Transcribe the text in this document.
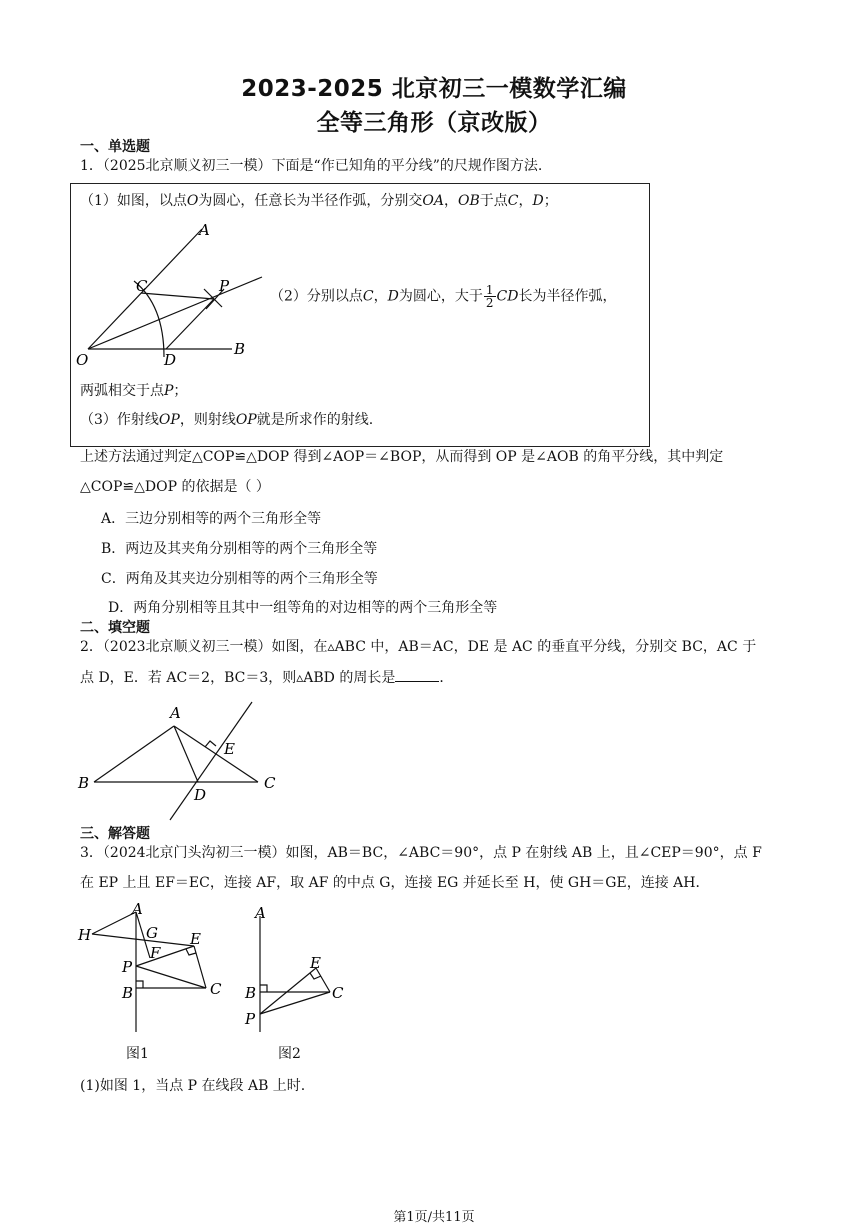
2023-2025 北京初三一模数学汇编
全等三角形（京改版）
一、单选题
1．（2025北京顺义初三一模）下面是“作已知角的平分线”的尺规作图方法.
（1）如图，以点O为圆心，任意长为半径作弧，分别交OA，OB于点C，D；
A
B
C
D
O
P
（2）分别以点C，D为圆心，大于 $\frac{1}{2}$ CD长为半径作弧，
两弧相交于点P；
（3）作射线OP，则射线OP就是所求作的射线.
上述方法通过判定△COP≌△DOP 得到∠AOP＝∠BOP，从而得到 OP 是∠AOB 的角平分线，其中判定
△COP≌△DOP 的依据是（ ）
A．三边分别相等的两个三角形全等
B．两边及其夹角分别相等的两个三角形全等
C．两角及其夹边分别相等的两个三角形全等
D．两角分别相等且其中一组等角的对边相等的两个三角形全等
二、填空题
2．（2023北京顺义初三一模）如图，在▵ABC 中，AB＝AC，DE 是 AC 的垂直平分线，分别交 BC，AC 于
点 D，E．若 AC＝2，BC＝3，则▵ABD 的周长是	．
A
B	C
D
E
三、解答题
3．（2024北京门头沟初三一模）如图，AB＝BC，∠ABC＝90°，点 P 在射线 AB 上，且∠CEP＝90°，点 F
在 EP 上且 EF＝EC，连接 AF，取 AF 的中点 G，连接 EG 并延长至 H，使 GH＝GE，连接 AH．
A
H	G E
F
P
B	C
A
E
B	C
P
图1	图2
(1)如图 1，当点 P 在线段 AB 上时.
第1页/共11页
